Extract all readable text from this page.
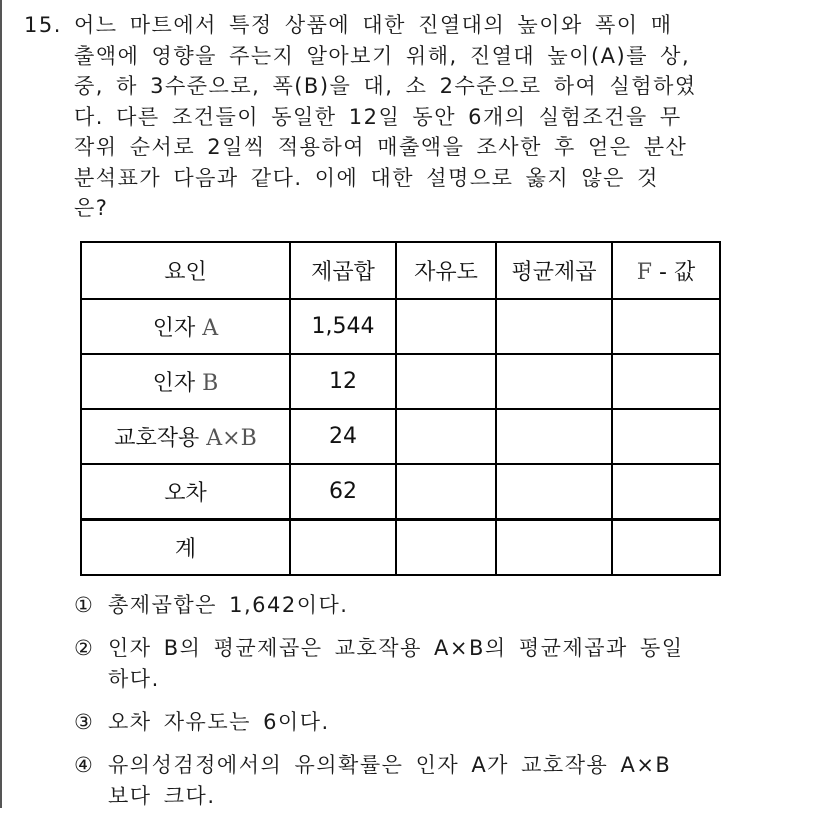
15. 어느 마트에서 특정 상품에 대한 진열대의 높이와 폭이 매
출액에 영향을 주는지 알아보기 위해, 진열대 높이(A)를 상,
중, 하 3수준으로, 폭(B)을 대, 소 2수준으로 하여 실험하였
다. 다른 조건들이 동일한 12일 동안 6개의 실험조건을 무
작위 순서로 2일씩 적용하여 매출액을 조사한 후 얻은 분산
분석표가 다음과 같다. 이에 대한 설명으로 옳지 않은 것
은?
요인	제곱합	자유도	평균제곱	F - 값
인자 A	1,544			
인자 B	12			
교호작용 A×B	24			
오차	62			
계				
① 총제곱합은 1,642이다.
② 인자 B의 평균제곱은 교호작용 A×B의 평균제곱과 동일
하다.
③ 오차 자유도는 6이다.
④ 유의성검정에서의 유의확률은 인자 A가 교호작용 A×B
보다 크다.
